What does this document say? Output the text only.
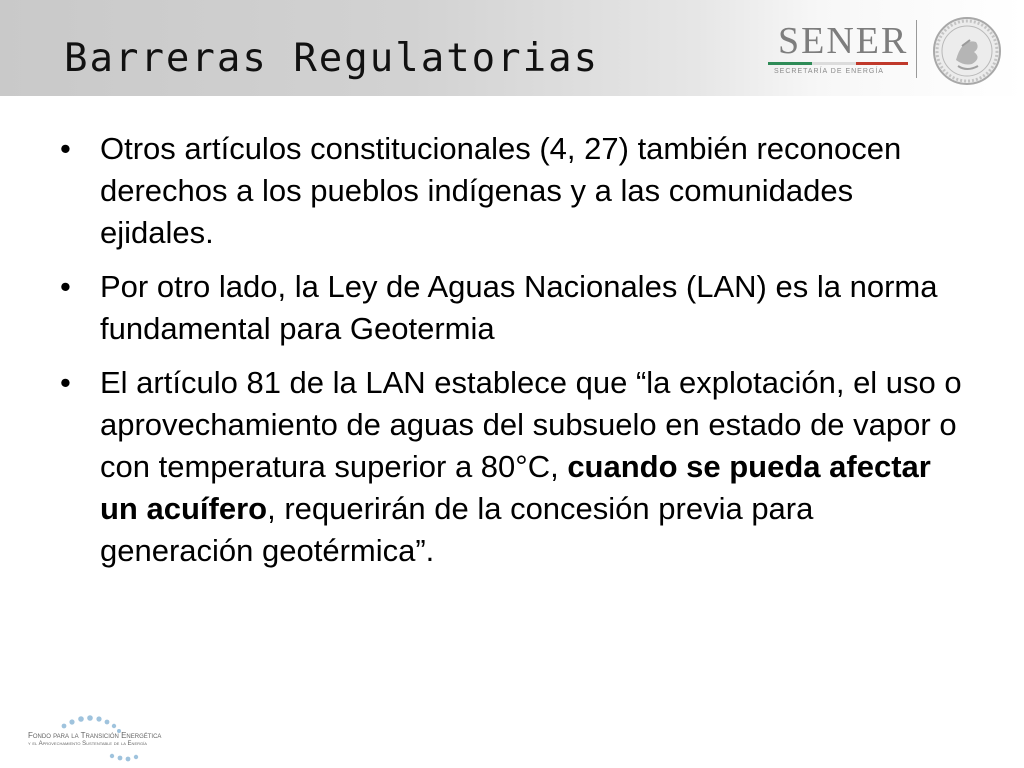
Barreras Regulatorias	SENER
SECRETARÍA DE ENERGÍA
• Otros artículos constitucionales (4, 27) también reconocen derechos a los pueblos indígenas y a las comunidades ejidales.
• Por otro lado, la Ley de Aguas Nacionales (LAN) es la norma fundamental para Geotermia
• El artículo 81 de la LAN establece que “la explotación, el uso o aprovechamiento de aguas del subsuelo en estado de vapor o con temperatura superior a 80°C, cuando se pueda afectar un acuífero, requerirán de la concesión previa para generación geotérmica”.
Fondo para la Transición Energética
y el Aprovechamiento Sustentable de la Energía
